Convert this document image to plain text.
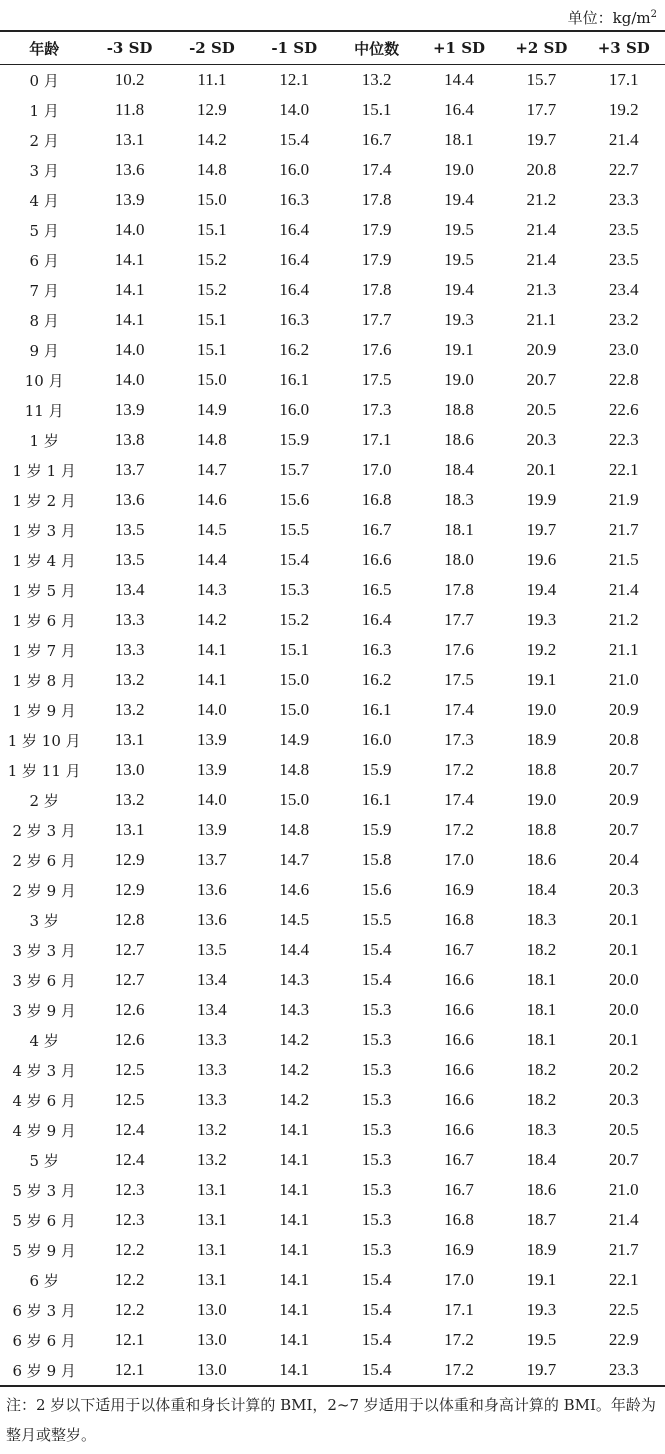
单位：$kg/m^2$
年龄	-3 SD	-2 SD	-1 SD	中位数	+1 SD	+2 SD	+3 SD
0 月	10.2	11.1	12.1	13.2	14.4	15.7	17.1
1 月	11.8	12.9	14.0	15.1	16.4	17.7	19.2
2 月	13.1	14.2	15.4	16.7	18.1	19.7	21.4
3 月	13.6	14.8	16.0	17.4	19.0	20.8	22.7
4 月	13.9	15.0	16.3	17.8	19.4	21.2	23.3
5 月	14.0	15.1	16.4	17.9	19.5	21.4	23.5
6 月	14.1	15.2	16.4	17.9	19.5	21.4	23.5
7 月	14.1	15.2	16.4	17.8	19.4	21.3	23.4
8 月	14.1	15.1	16.3	17.7	19.3	21.1	23.2
9 月	14.0	15.1	16.2	17.6	19.1	20.9	23.0
10 月	14.0	15.0	16.1	17.5	19.0	20.7	22.8
11 月	13.9	14.9	16.0	17.3	18.8	20.5	22.6
1 岁	13.8	14.8	15.9	17.1	18.6	20.3	22.3
1 岁 1 月	13.7	14.7	15.7	17.0	18.4	20.1	22.1
1 岁 2 月	13.6	14.6	15.6	16.8	18.3	19.9	21.9
1 岁 3 月	13.5	14.5	15.5	16.7	18.1	19.7	21.7
1 岁 4 月	13.5	14.4	15.4	16.6	18.0	19.6	21.5
1 岁 5 月	13.4	14.3	15.3	16.5	17.8	19.4	21.4
1 岁 6 月	13.3	14.2	15.2	16.4	17.7	19.3	21.2
1 岁 7 月	13.3	14.1	15.1	16.3	17.6	19.2	21.1
1 岁 8 月	13.2	14.1	15.0	16.2	17.5	19.1	21.0
1 岁 9 月	13.2	14.0	15.0	16.1	17.4	19.0	20.9
1 岁 10 月	13.1	13.9	14.9	16.0	17.3	18.9	20.8
1 岁 11 月	13.0	13.9	14.8	15.9	17.2	18.8	20.7
2 岁	13.2	14.0	15.0	16.1	17.4	19.0	20.9
2 岁 3 月	13.1	13.9	14.8	15.9	17.2	18.8	20.7
2 岁 6 月	12.9	13.7	14.7	15.8	17.0	18.6	20.4
2 岁 9 月	12.9	13.6	14.6	15.6	16.9	18.4	20.3
3 岁	12.8	13.6	14.5	15.5	16.8	18.3	20.1
3 岁 3 月	12.7	13.5	14.4	15.4	16.7	18.2	20.1
3 岁 6 月	12.7	13.4	14.3	15.4	16.6	18.1	20.0
3 岁 9 月	12.6	13.4	14.3	15.3	16.6	18.1	20.0
4 岁	12.6	13.3	14.2	15.3	16.6	18.1	20.1
4 岁 3 月	12.5	13.3	14.2	15.3	16.6	18.2	20.2
4 岁 6 月	12.5	13.3	14.2	15.3	16.6	18.2	20.3
4 岁 9 月	12.4	13.2	14.1	15.3	16.6	18.3	20.5
5 岁	12.4	13.2	14.1	15.3	16.7	18.4	20.7
5 岁 3 月	12.3	13.1	14.1	15.3	16.7	18.6	21.0
5 岁 6 月	12.3	13.1	14.1	15.3	16.8	18.7	21.4
5 岁 9 月	12.2	13.1	14.1	15.3	16.9	18.9	21.7
6 岁	12.2	13.1	14.1	15.4	17.0	19.1	22.1
6 岁 3 月	12.2	13.0	14.1	15.4	17.1	19.3	22.5
6 岁 6 月	12.1	13.0	14.1	15.4	17.2	19.5	22.9
6 岁 9 月	12.1	13.0	14.1	15.4	17.2	19.7	23.3
注：2 岁以下适用于以体重和身长计算的 BMI，2~7 岁适用于以体重和身高计算的 BMI。年龄为整月或整岁。
